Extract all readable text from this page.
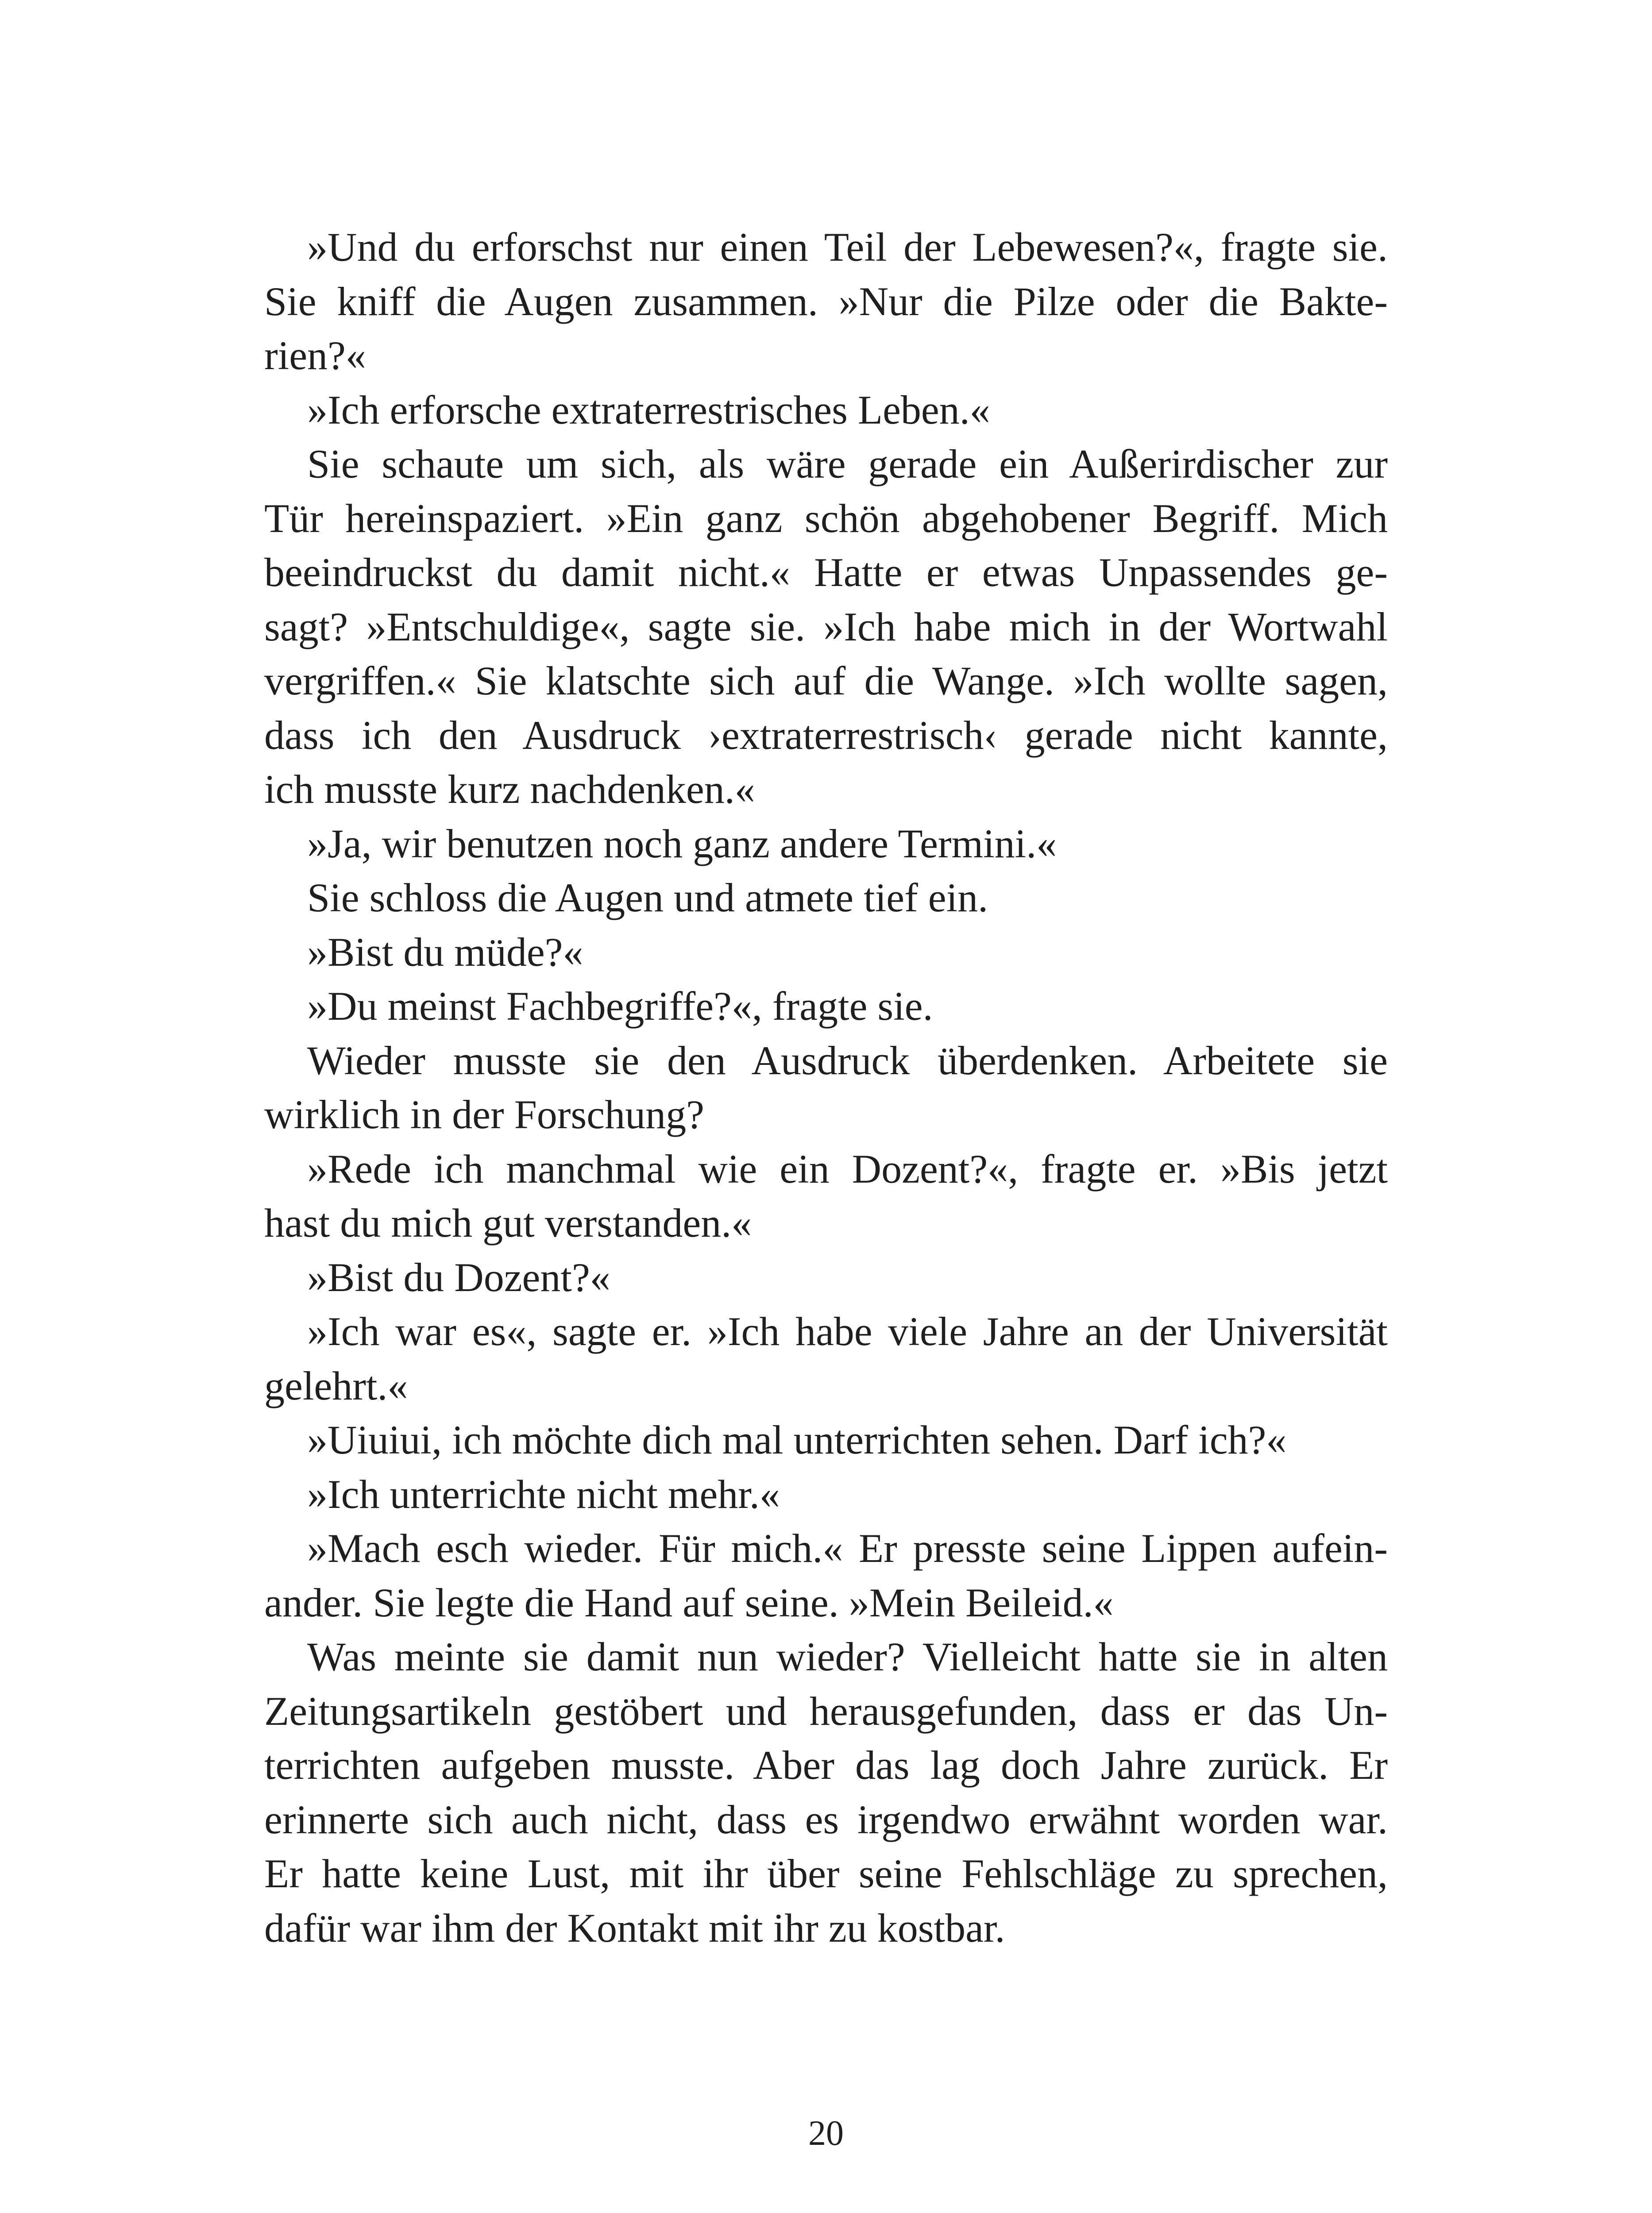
»Und du erforschst nur einen Teil der Lebewesen?«, fragte sie.
Sie kniff die Augen zusammen. »Nur die Pilze oder die Bakte-
rien?«
»Ich erforsche extraterrestrisches Leben.«
Sie schaute um sich, als wäre gerade ein Außerirdischer zur
Tür hereinspaziert. »Ein ganz schön abgehobener Begriff. Mich
beeindruckst du damit nicht.« Hatte er etwas Unpassendes ge-
sagt? »Entschuldige«, sagte sie. »Ich habe mich in der Wortwahl
vergriffen.« Sie klatschte sich auf die Wange. »Ich wollte sagen,
dass ich den Ausdruck ›extraterrestrisch‹ gerade nicht kannte,
ich musste kurz nachdenken.«
»Ja, wir benutzen noch ganz andere Termini.«
Sie schloss die Augen und atmete tief ein.
»Bist du müde?«
»Du meinst Fachbegriffe?«, fragte sie.
Wieder musste sie den Ausdruck überdenken. Arbeitete sie
wirklich in der Forschung?
»Rede ich manchmal wie ein Dozent?«, fragte er. »Bis jetzt
hast du mich gut verstanden.«
»Bist du Dozent?«
»Ich war es«, sagte er. »Ich habe viele Jahre an der Universität
gelehrt.«
»Uiuiui, ich möchte dich mal unterrichten sehen. Darf ich?«
»Ich unterrichte nicht mehr.«
»Mach esch wieder. Für mich.« Er presste seine Lippen aufein-
ander. Sie legte die Hand auf seine. »Mein Beileid.«
Was meinte sie damit nun wieder? Vielleicht hatte sie in alten
Zeitungsartikeln gestöbert und herausgefunden, dass er das Un-
terrichten aufgeben musste. Aber das lag doch Jahre zurück. Er
erinnerte sich auch nicht, dass es irgendwo erwähnt worden war.
Er hatte keine Lust, mit ihr über seine Fehlschläge zu sprechen,
dafür war ihm der Kontakt mit ihr zu kostbar.
20
